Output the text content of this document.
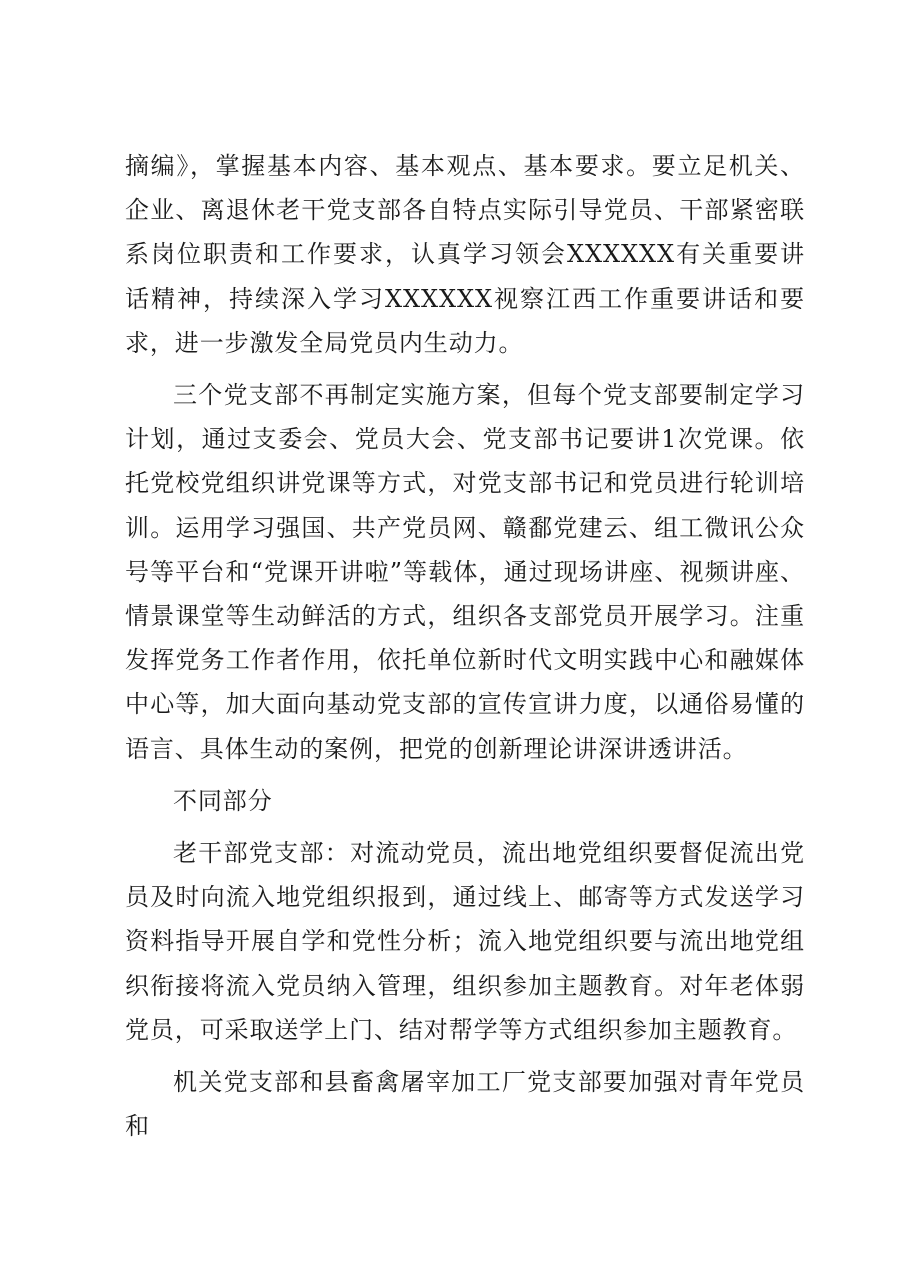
摘编》，掌握基本内容、基本观点、基本要求。要立足机关、企业、离退休老干党支部各自特点实际引导党员、干部紧密联系岗位职责和工作要求，认真学习领会XXXXXX有关重要讲话精神，持续深入学习XXXXXX视察江西工作重要讲话和要求，进一步激发全局党员内生动力。

三个党支部不再制定实施方案，但每个党支部要制定学习计划，通过支委会、党员大会、党支部书记要讲1次党课。依托党校党组织讲党课等方式，对党支部书记和党员进行轮训培训。运用学习强国、共产党员网、赣鄱党建云、组工微讯公众号等平台和“党课开讲啦”等载体，通过现场讲座、视频讲座、情景课堂等生动鲜活的方式，组织各支部党员开展学习。注重发挥党务工作者作用，依托单位新时代文明实践中心和融媒体中心等，加大面向基动党支部的宣传宣讲力度，以通俗易懂的语言、具体生动的案例，把党的创新理论讲深讲透讲活。

不同部分

老干部党支部：对流动党员，流出地党组织要督促流出党员及时向流入地党组织报到，通过线上、邮寄等方式发送学习资料指导开展自学和党性分析；流入地党组织要与流出地党组织衔接将流入党员纳入管理，组织参加主题教育。对年老体弱党员，可采取送学上门、结对帮学等方式组织参加主题教育。

机关党支部和县畜禽屠宰加工厂党支部要加强对青年党员和
